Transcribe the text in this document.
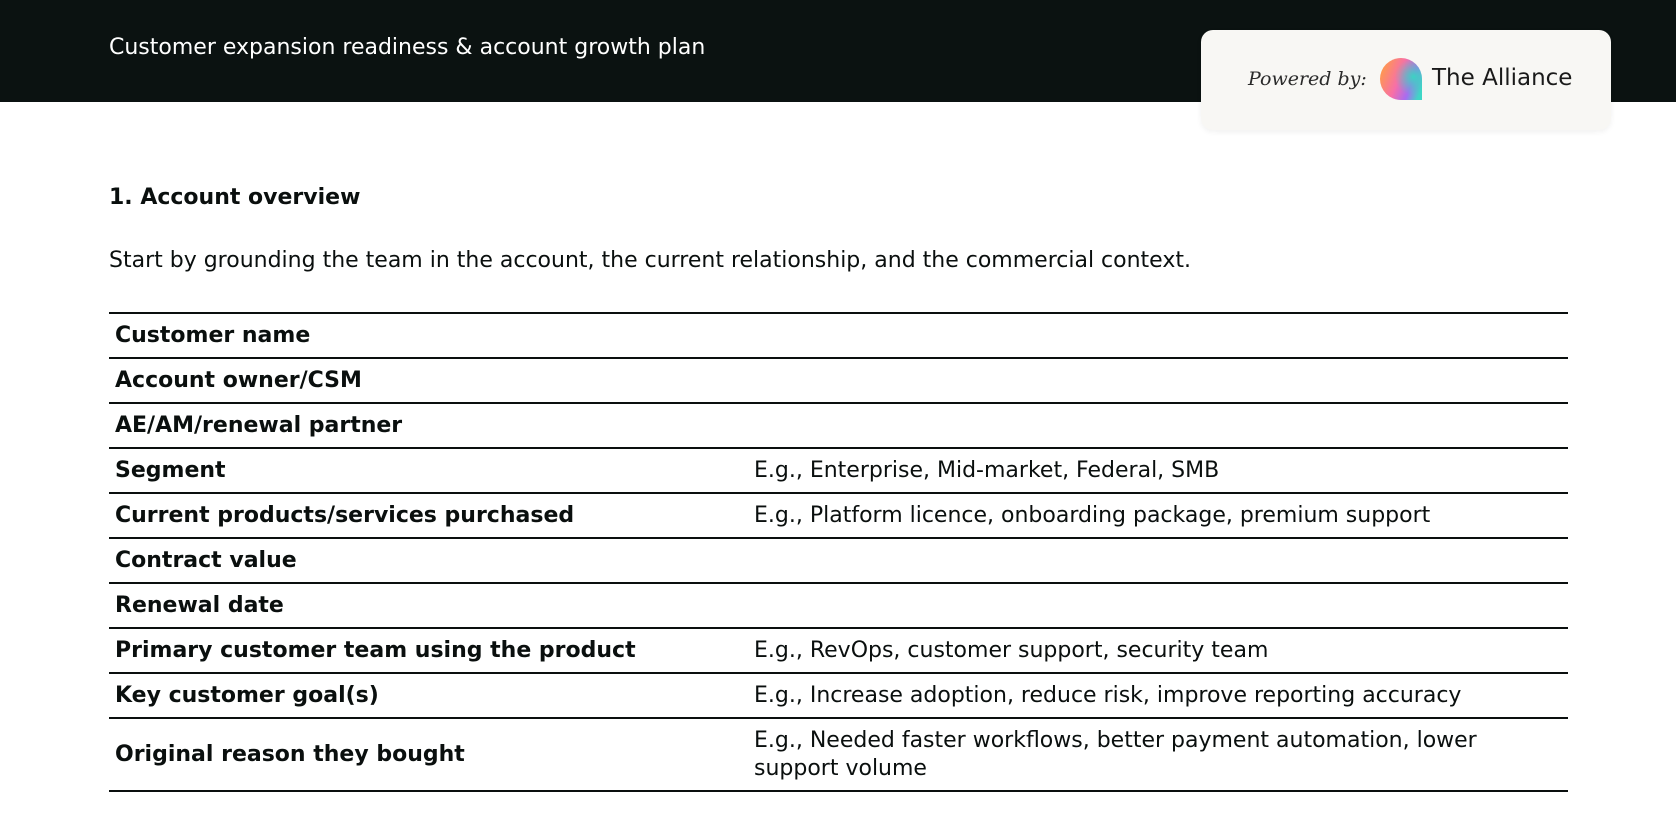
Customer expansion readiness & account growth plan
Powered by:	The Alliance
1. Account overview

Start by grounding the team in the account, the current relationship, and the commercial context.

Customer name	
Account owner/CSM	
AE/AM/renewal partner	
Segment	E.g., Enterprise, Mid-market, Federal, SMB
Current products/services purchased	E.g., Platform licence, onboarding package, premium support
Contract value	
Renewal date	
Primary customer team using the product	E.g., RevOps, customer support, security team
Key customer goal(s)	E.g., Increase adoption, reduce risk, improve reporting accuracy
Original reason they bought	E.g., Needed faster workflows, better payment automation, lower support volume
